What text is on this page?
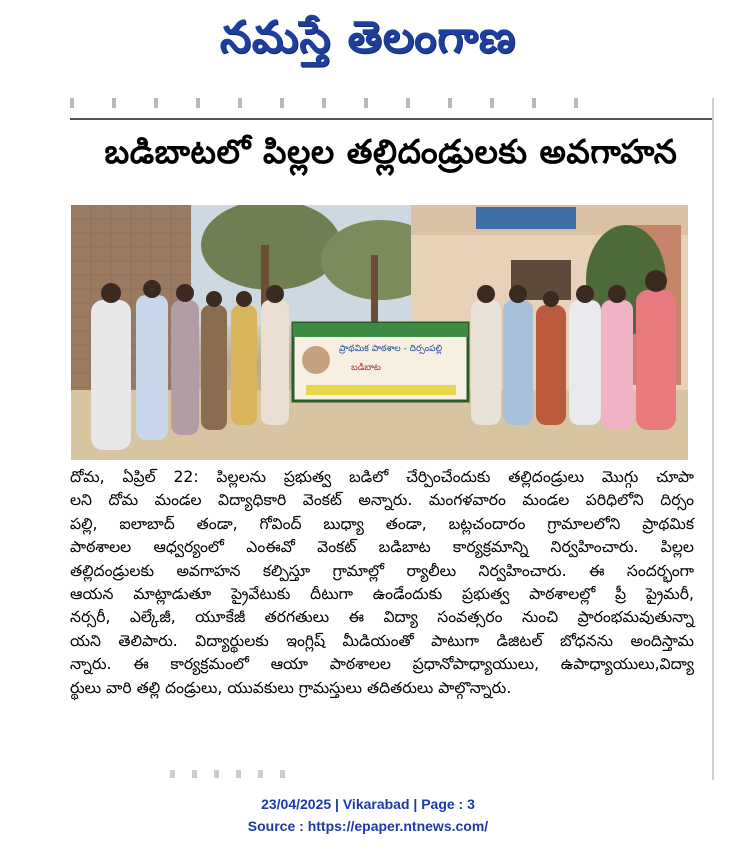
నమస్తే తెలంగాణ
బడిబాటలో పిల్లల తల్లిదండ్రులకు అవగాహన
ప్రాథమిక పాఠశాల - దిర్సంపల్లి
బడిబాట
దోమ, ఏప్రిల్ 22: పిల్లలను ప్రభుత్వ బడిలో చేర్పించేందుకు తల్లిదండ్రులు మొగ్గు చూపా
లని దోమ మండల విద్యాధికారి వెంకట్ అన్నారు. మంగళవారం మండల పరిధిలోని దిర్సం
పల్లి, ఐలాబాద్ తండా, గోవింద్ బుధ్యా తండా, బట్లచందారం గ్రామాలలోని ప్రాథమిక
పాఠశాలల ఆధ్వర్యంలో ఎంఈవో వెంకట్ బడిబాట కార్యక్రమాన్ని నిర్వహించారు. పిల్లల
తల్లిదండ్రులకు అవగాహన కల్పిస్తూ గ్రామాల్లో ర్యాలీలు నిర్వహించారు. ఈ సందర్భంగా
ఆయన మాట్లాడుతూ ప్రైవేటుకు దీటుగా ఉండేందుకు ప్రభుత్వ పాఠశాలల్లో ప్రీ ప్రైమరీ,
నర్సరీ, ఎల్కేజీ, యూకేజీ తరగతులు ఈ విద్యా సంవత్సరం నుంచి ప్రారంభమవుతున్నా
యని తెలిపారు. విద్యార్థులకు ఇంగ్లిష్ మీడియంతో పాటుగా డిజిటల్ బోధనను అందిస్తామ
న్నారు. ఈ కార్యక్రమంలో ఆయా పాఠశాలల ప్రధానోపాధ్యాయులు, ఉపాధ్యాయులు,విద్యా
ర్థులు వారి తల్లి దండ్రులు, యువకులు గ్రామస్తులు తదితరులు పాల్గొన్నారు.
23/04/2025 | Vikarabad | Page : 3
Source : https://epaper.ntnews.com/
